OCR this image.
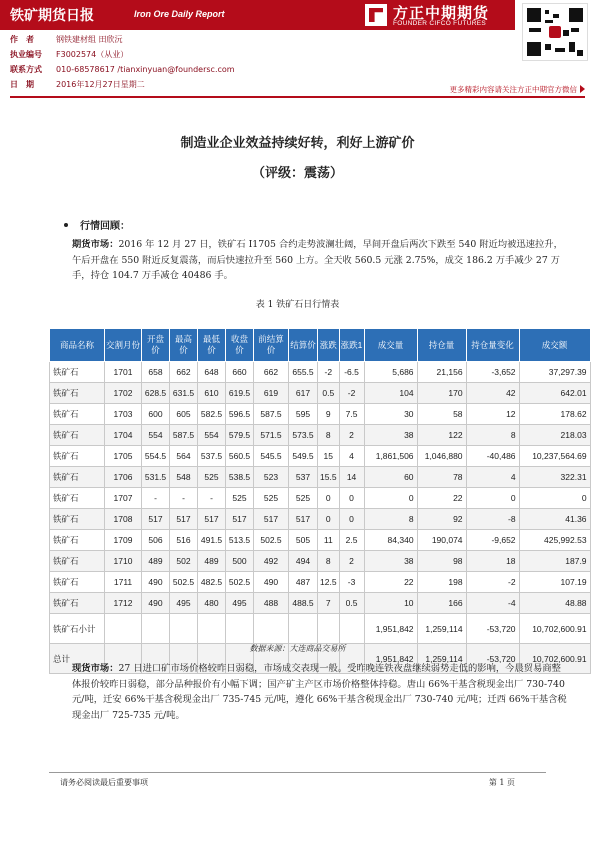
铁矿期货日报	Iron Ore Daily Report	方正中期期货
FOUNDER CIFCO FUTURES
作　者	钢铁建材组 田欣沅
执业编号 F3002574（从业）
联系方式 010-68578617 /tianxinyuan@foundersc.com
日　期	2016年12月27日星期二
更多精彩内容请关注方正中期官方微信
制造业企业效益持续好转，利好上游矿价
（评级：震荡）
行情回顾：
期货市场：2016 年 12 月 27 日，铁矿石 I1705 合约走势波澜壮阔，早间开盘后两次下跌至 540 附近均被迅速拉升，午后开盘在 550 附近反复震荡，而后快速拉升至 560 上方。全天收 560.5 元涨 2.75%，成交 186.2 万手减少 27 万手，持仓 104.7 万手减仓 40486 手。
表 1 铁矿石日行情表
商品名称	交割月份	开盘价	最高价	最低价	收盘价	前结算价	结算价	涨跌	涨跌1	成交量	持仓量	持仓量变化	成交额
铁矿石	1701	658	662	648	660	662	655.5	-2	-6.5	5,686	21,156	-3,652	37,297.39
铁矿石	1702	628.5	631.5	610	619.5	619	617	0.5	-2	104	170	42	642.01
铁矿石	1703	600	605	582.5	596.5	587.5	595	9	7.5	30	58	12	178.62
铁矿石	1704	554	587.5	554	579.5	571.5	573.5	8	2	38	122	8	218.03
铁矿石	1705	554.5	564	537.5	560.5	545.5	549.5	15	4	1,861,506	1,046,880	-40,486	10,237,564.69
铁矿石	1706	531.5	548	525	538.5	523	537	15.5	14	60	78	4	322.31
铁矿石	1707	-	-	-	525	525	525	0	0	0	22	0	0
铁矿石	1708	517	517	517	517	517	517	0	0	8	92	-8	41.36
铁矿石	1709	506	516	491.5	513.5	502.5	505	11	2.5	84,340	190,074	-9,652	425,992.53
铁矿石	1710	489	502	489	500	492	494	8	2	38	98	18	187.9
铁矿石	1711	490	502.5	482.5	502.5	490	487	12.5	-3	22	198	-2	107.19
铁矿石	1712	490	495	480	495	488	488.5	7	0.5	10	166	-4	48.88
铁矿石小计										1,951,842	1,259,114	-53,720	10,702,600.91
总计										1,951,842	1,259,114	-53,720	10,702,600.91
数据来源：大连商品交易所
现货市场：27 日进口矿市场价格较昨日弱稳，市场成交表现一般。受昨晚连铁夜盘继续弱势走低的影响，今晨贸易商整体报价较昨日弱稳，部分品种报价有小幅下调；国产矿主产区市场价格整体持稳。唐山 66%干基含税现金出厂 730-740 元/吨，迁安 66%干基含税现金出厂 735-745 元/吨，遵化 66%干基含税现金出厂 730-740 元/吨；迁西 66%干基含税现金出厂 725-735 元/吨。
请务必阅读最后重要事项	第 1 页
